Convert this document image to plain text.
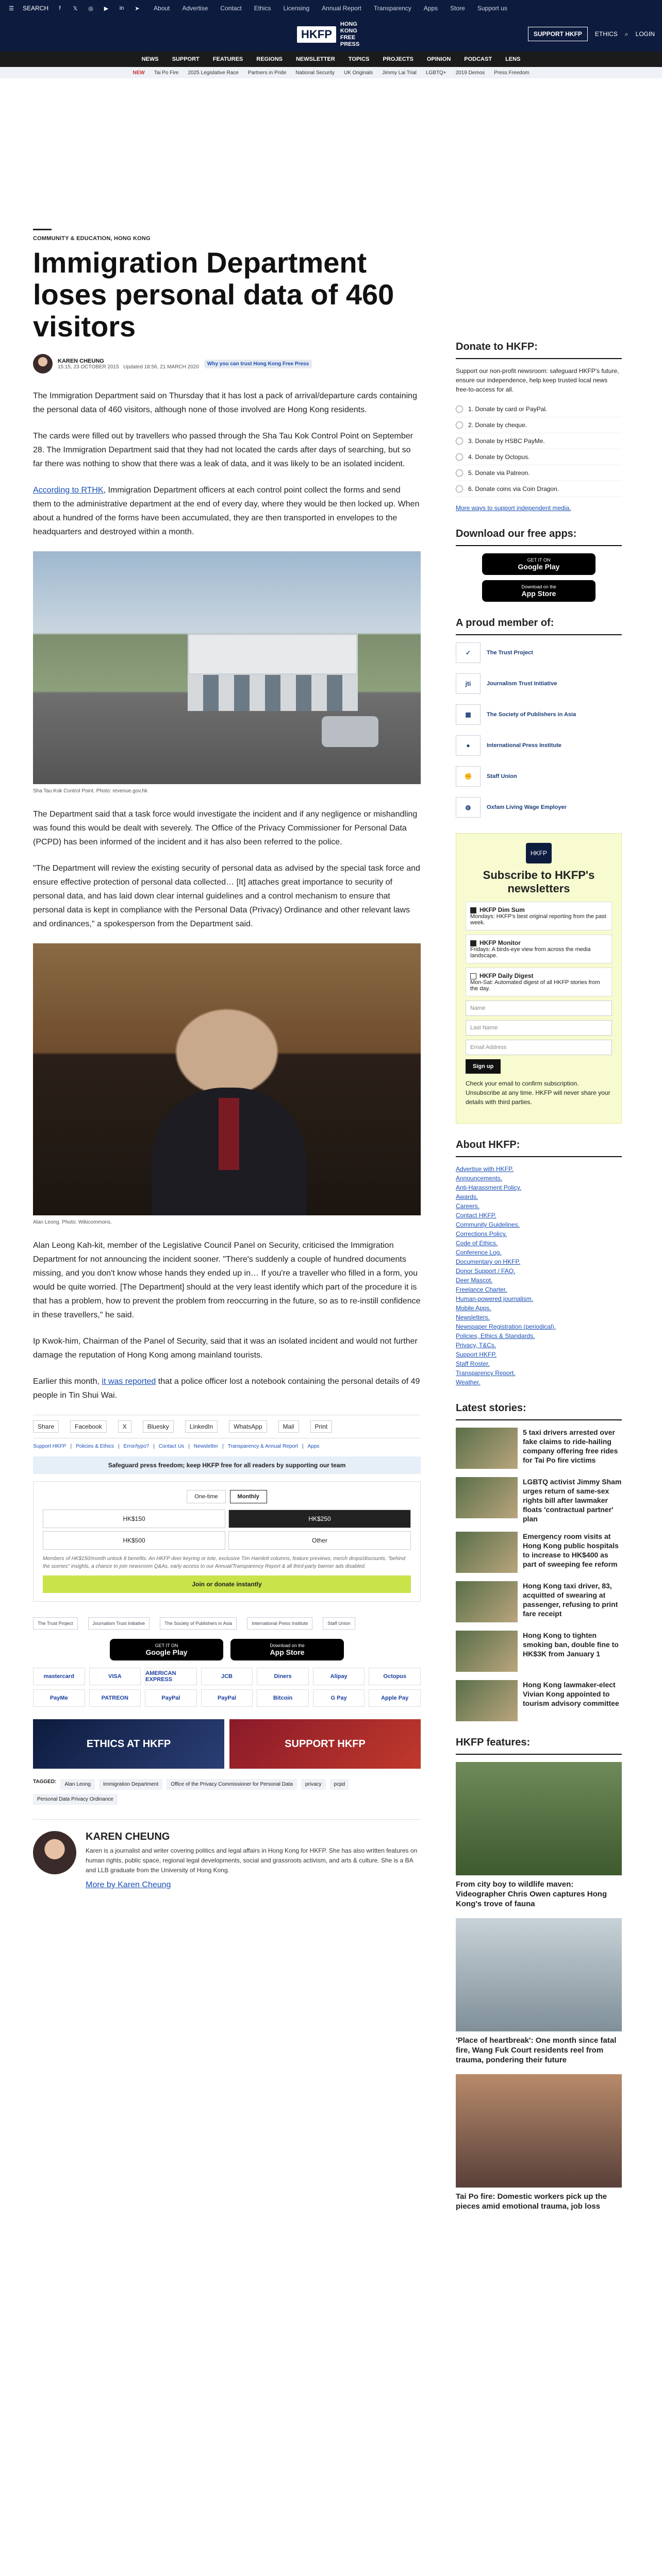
☰ SEARCH	f	𝕏	◎	▶	in	➤ About Advertise Contact Ethics Licensing Annual Report Transparency Apps Store Support us
HKFP
HONG KONG
FREE PRESS
SUPPORT HKFP	ETHICS ⌕ LOGIN
NEWS SUPPORT FEATURES REGIONS NEWSLETTER TOPICS PROJECTS OPINION PODCAST LENS
NEW Tai Po Fire 2025 Legislative Race Partners in Pride National Security UK Originals Jimmy Lai Trial LGBTQ+ 2019 Demos Press Freedom
COMMUNITY & EDUCATION, HONG KONG
Immigration Department loses personal data of 460 visitors
KAREN CHEUNG
15:15, 23 OCTOBER 2015 Updated 18:56, 21 MARCH 2020
Why you can trust Hong Kong Free Press

The Immigration Department said on Thursday that it has lost a pack of arrival/departure cards containing the personal data of 460 visitors, although none of those involved are Hong Kong residents.

The cards were filled out by travellers who passed through the Sha Tau Kok Control Point on September 28. The Immigration Department said that they had not located the cards after days of searching, but so far there was nothing to show that there was a leak of data, and it was likely to be an isolated incident.

According to RTHK, Immigration Department officers at each control point collect the forms and send them to the administrative department at the end of every day, where they would be then locked up. When about a hundred of the forms have been accumulated, they are then transported in envelopes to the headquarters and destroyed within a month.

Sha Tau Kok Control Point. Photo: revenue.gov.hk

The Department said that a task force would investigate the incident and if any negligence or mishandling was found this would be dealt with severely. The Office of the Privacy Commissioner for Personal Data (PCPD) has been informed of the incident and it has also been referred to the police.

"The Department will review the existing security of personal data as advised by the special task force and ensure effective protection of personal data collected… [It] attaches great importance to security of personal data, and has laid down clear internal guidelines and a control mechanism to ensure that personal data is kept in compliance with the Personal Data (Privacy) Ordinance and other relevant laws and ordinances," a spokesperson from the Department said.

Alan Leong. Photo: Wikicommons.

Alan Leong Kah-kit, member of the Legislative Council Panel on Security, criticised the Immigration Department for not announcing the incident sooner. "There's suddenly a couple of hundred documents missing, and you don't know whose hands they ended up in… If you're a traveller who filled in a form, you would be quite worried. [The Department] should at the very least identify which part of the procedure it is that has a problem, how to prevent the problem from reoccurring in the future, so as to re-instill confidence in these travellers," he said.

Ip Kwok-him, Chairman of the Panel of Security, said that it was an isolated incident and would not further damage the reputation of Hong Kong among mainland tourists.

Earlier this month, it was reported that a police officer lost a notebook containing the personal details of 49 people in Tin Shui Wai.

Share	Facebook	X	Bluesky	LinkedIn	WhatsApp	Mail	Print
Support HKFP | Policies & Ethics | Error/typo? | Contact Us | Newsletter | Transparency & Annual Report | Apps
Safeguard press freedom; keep HKFP free for all readers by supporting our team
One-time	Monthly
HK$150	HK$250
HK$500	Other
Members of HK$150/month unlock 8 benefits: An HKFP deer keyring or tote, exclusive Tim Hamlett columns, feature previews, merch drops/discounts, "behind the scenes" insights, a chance to join newsroom Q&As, early access to our Annual/Transparency Report & all third-party banner ads disabled.
Join or donate instantly
The Trust Project	Journalism Trust Initiative	The Society of Publishers in Asia	International Press Institute	Staff Union
GET IT ON
Google Play
Download on the
App Store
mastercard	VISA	AMERICAN EXPRESS	JCB	Diners	Alipay	Octopus
PayMe	PATREON	PayPal	PayPal	Bitcoin	G Pay	Apple Pay
ETHICS AT HKFP	SUPPORT HKFP
TAGGED:	Alan Leong	Immigration Department	Office of the Privacy Commissioner for Personal Data	privacy	pcpd
Personal Data Privacy Ordinance
KAREN CHEUNG

Karen is a journalist and writer covering politics and legal affairs in Hong Kong for HKFP. She has also written features on human rights, public space, regional legal developments, social and grassroots activism, and arts & culture. She is a BA and LLB graduate from the University of Hong Kong.

More by Karen Cheung
Donate to HKFP:
Support our non-profit newsroom: safeguard HKFP's future, ensure our independence, help keep trusted local news free-to-access for all.
1. Donate by card or PayPal.
2. Donate by cheque.
3. Donate by HSBC PayMe.
4. Donate by Octopus.
5. Donate via Patreon.
6. Donate coins via Coin Dragon.
More ways to support independent media.
Download our free apps:
GET IT ON
Google Play
Download on the
App Store
A proud member of:
✓	The Trust Project
jti	Journalism Trust Initiative
▦	The Society of Publishers in Asia
●	International Press Institute
✊	Staff Union
◍	Oxfam Living Wage Employer
HKFP
Subscribe to HKFP's newsletters
HKFP Dim Sum
Mondays: HKFP's best original reporting from the past week.
HKFP Monitor
Fridays: A birds-eye view from across the media landscape.
HKFP Daily Digest
Mon-Sat: Automated digest of all HKFP stories from the day.
Name
Last Name
Email Address
Sign up
Check your email to confirm subscription. Unsubscribe at any time. HKFP will never share your details with third parties.
About HKFP:
Advertise with HKFP.
Announcements.
Anti-Harassment Policy.
Awards.
Careers.
Contact HKFP.
Community Guidelines.
Corrections Policy.
Code of Ethics.
Conference Log.
Documentary on HKFP.
Donor Support / FAQ.
Deer Mascot.
Freelance Charter.
Human-powered journalism.
Mobile Apps.
Newsletters.
Newspaper Registration (periodical).
Policies, Ethics & Standards.
Privacy, T&Cs.
Support HKFP.
Staff Roster.
Transparency Report.
Weather.
Latest stories:
5 taxi drivers arrested over fake claims to ride-hailing company offering free rides for Tai Po fire victims
LGBTQ activist Jimmy Sham urges return of same-sex rights bill after lawmaker floats 'contractual partner' plan
Emergency room visits at Hong Kong public hospitals to increase to HK$400 as part of sweeping fee reform
Hong Kong taxi driver, 83, acquitted of swearing at passenger, refusing to print fare receipt
Hong Kong to tighten smoking ban, double fine to HK$3K from January 1
Hong Kong lawmaker-elect Vivian Kong appointed to tourism advisory committee
HKFP features:
From city boy to wildlife maven: Videographer Chris Owen captures Hong Kong's trove of fauna
'Place of heartbreak': One month since fatal fire, Wang Fuk Court residents reel from trauma, pondering their future
Tai Po fire: Domestic workers pick up the pieces amid emotional trauma, job loss
